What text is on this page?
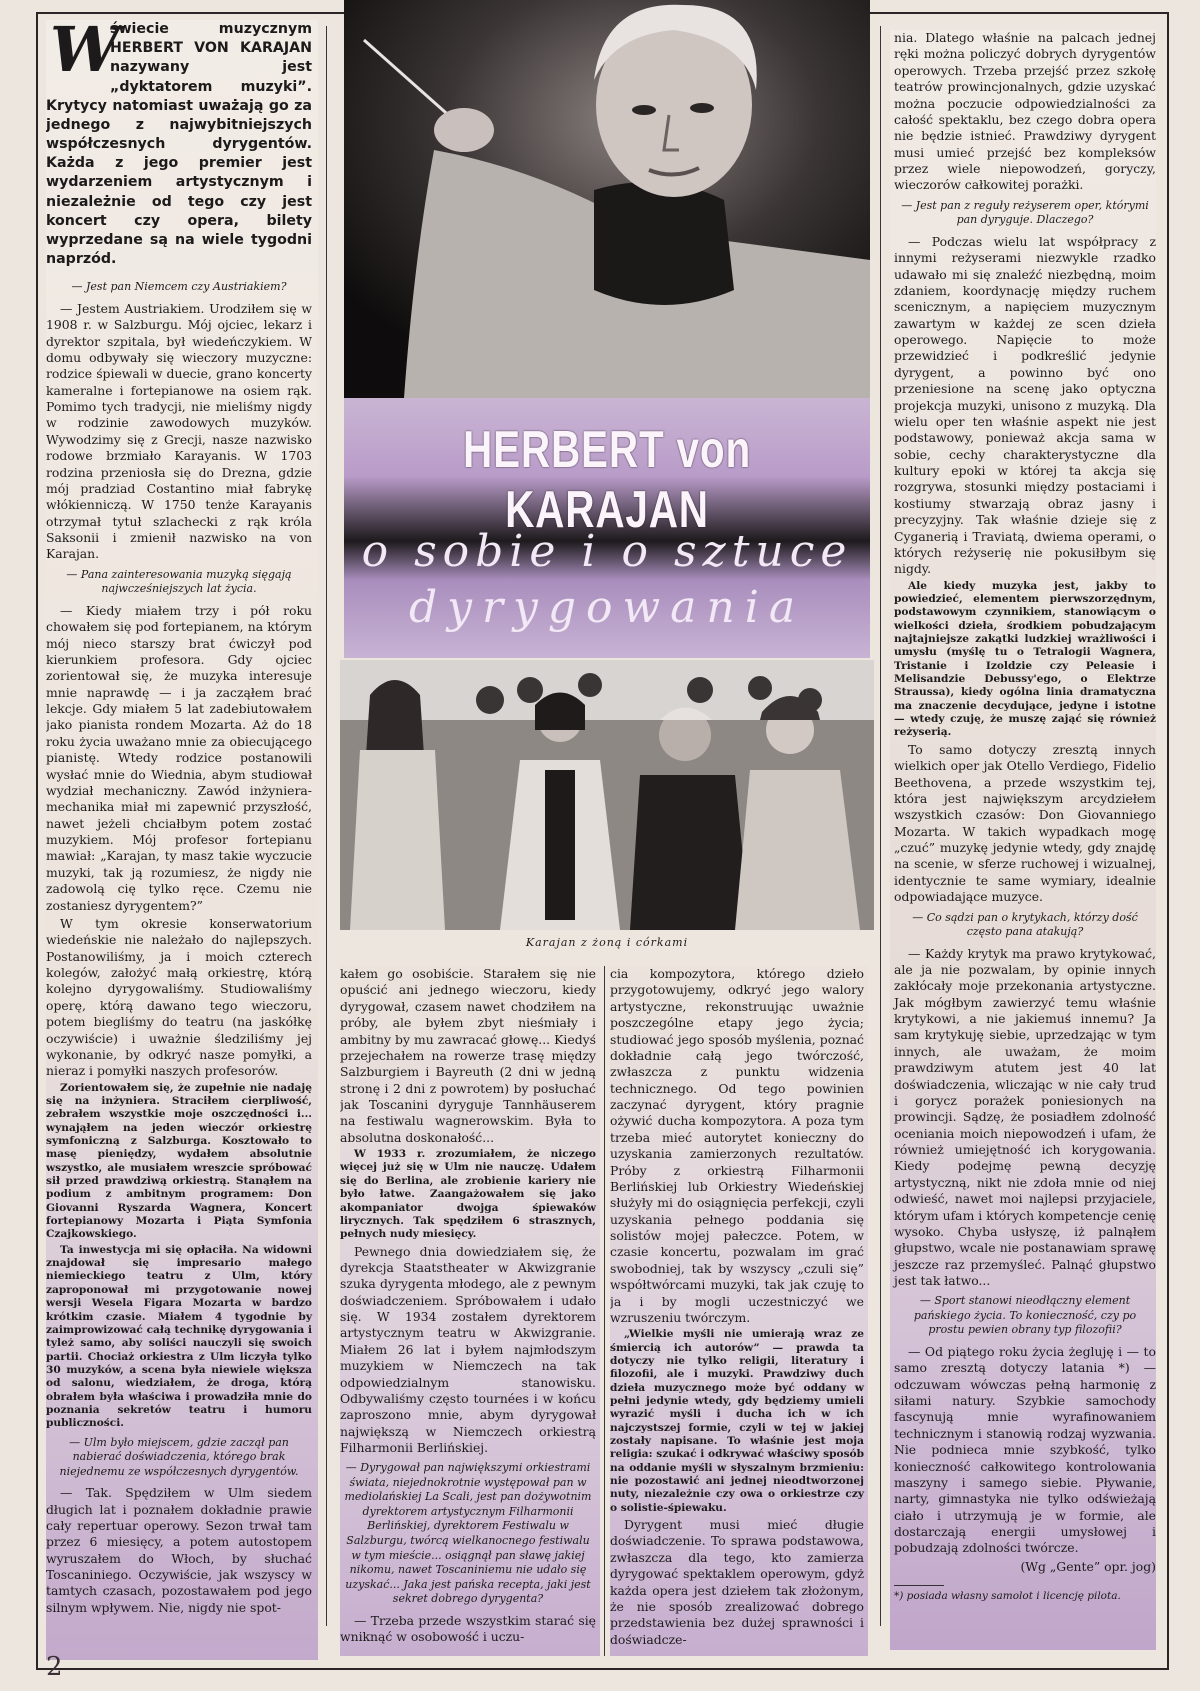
W
świecie muzycznym HERBERT VON KARAJAN nazywany jest „dyktatorem muzyki”. Krytycy natomiast uważają go za jednego z najwybitniejszych współczesnych dyrygentów. Każda z jego premier jest wydarzeniem artystycznym i niezależnie od tego czy jest koncert czy opera, bilety wyprzedane są na wiele tygodni naprzód.

— Jest pan Niemcem czy Austriakiem?

— Jestem Austriakiem. Urodziłem się w 1908 r. w Salzburgu. Mój ojciec, lekarz i dyrektor szpitala, był wiedeńczykiem. W domu odbywały się wieczory muzyczne: rodzice śpiewali w duecie, grano koncerty kameralne i fortepianowe na osiem rąk. Pomimo tych tradycji, nie mieliśmy nigdy w rodzinie zawodowych muzyków. Wywodzimy się z Grecji, nasze nazwisko rodowe brzmiało Karayanis. W 1703 rodzina przeniosła się do Drezna, gdzie mój pradziad Costantino miał fabrykę włókienniczą. W 1750 tenże Karayanis otrzymał tytuł szlachecki z rąk króla Saksonii i zmienił nazwisko na von Karajan.

— Pana zainteresowania muzyką sięgają najwcześniejszych lat życia.

— Kiedy miałem trzy i pół roku chowałem się pod fortepianem, na którym mój nieco starszy brat ćwiczył pod kierunkiem profesora. Gdy ojciec zorientował się, że muzyka interesuje mnie naprawdę — i ja zacząłem brać lekcje. Gdy miałem 5 lat zadebiutowałem jako pianista rondem Mozarta. Aż do 18 roku życia uważano mnie za obiecującego pianistę. Wtedy rodzice postanowili wysłać mnie do Wiednia, abym studiował wydział mechaniczny. Zawód inżyniera-mechanika miał mi zapewnić przyszłość, nawet jeżeli chciałbym potem zostać muzykiem. Mój profesor fortepianu mawiał: „Karajan, ty masz takie wyczucie muzyki, tak ją rozumiesz, że nigdy nie zadowolą cię tylko ręce. Czemu nie zostaniesz dyrygentem?”

W tym okresie konserwatorium wiedeńskie nie należało do najlepszych. Postanowiliśmy, ja i moich czterech kolegów, założyć małą orkiestrę, którą kolejno dyrygowaliśmy. Studiowaliśmy operę, którą dawano tego wieczoru, potem biegliśmy do teatru (na jaskółkę oczywiście) i uważnie śledziliśmy jej wykonanie, by odkryć nasze pomyłki, a nieraz i pomyłki naszych profesorów.

Zorientowałem się, że zupełnie nie nadaję się na inżyniera. Straciłem cierpliwość, zebrałem wszystkie moje oszczędności i... wynająłem na jeden wieczór orkiestrę symfoniczną z Salzburga. Kosztowało to masę pieniędzy, wydałem absolutnie wszystko, ale musiałem wreszcie spróbować sił przed prawdziwą orkiestrą. Stanąłem na podium z ambitnym programem: Don Giovanni Ryszarda Wagnera, Koncert fortepianowy Mozarta i Piąta Symfonia Czajkowskiego.

Ta inwestycja mi się opłaciła. Na widowni znajdował się impresario małego niemieckiego teatru z Ulm, który zaproponował mi przygotowanie nowej wersji Wesela Figara Mozarta w bardzo krótkim czasie. Miałem 4 tygodnie by zaimprowizować całą technikę dyrygowania i tyleż samo, aby soliści nauczyli się swoich partii. Chociaż orkiestra z Ulm liczyła tylko 30 muzyków, a scena była niewiele większa od salonu, wiedziałem, że droga, którą obrałem była właściwa i prowadziła mnie do poznania sekretów teatru i humoru publiczności.

— Ulm było miejscem, gdzie zaczął pan nabierać doświadczenia, którego brak niejednemu ze współczesnych dyrygentów.

— Tak. Spędziłem w Ulm siedem długich lat i poznałem dokładnie prawie cały repertuar operowy. Sezon trwał tam przez 6 miesięcy, a potem autostopem wyruszałem do Włoch, by słuchać Toscaniniego. Oczywiście, jak wszyscy w tamtych czasach, pozostawałem pod jego silnym wpływem. Nie, nigdy nie spot-

HERBERT von KARAJAN
o sobie i o sztuce
dyrygowania
Karajan z żoną i córkami

kałem go osobiście. Starałem się nie opuścić ani jednego wieczoru, kiedy dyrygował, czasem nawet chodziłem na próby, ale byłem zbyt nieśmiały i ambitny by mu zawracać głowę... Kiedyś przejechałem na rowerze trasę między Salzburgiem i Bayreuth (2 dni w jedną stronę i 2 dni z powrotem) by posłuchać jak Toscanini dyryguje Tannhäuserem na festiwalu wagnerowskim. Była to absolutna doskonałość...

W 1933 r. zrozumiałem, że niczego więcej już się w Ulm nie nauczę. Udałem się do Berlina, ale zrobienie kariery nie było łatwe. Zaangażowałem się jako akompaniator dwojga śpiewaków lirycznych. Tak spędziłem 6 strasznych, pełnych nudy miesięcy.

Pewnego dnia dowiedziałem się, że dyrekcja Staatstheater w Akwizgranie szuka dyrygenta młodego, ale z pewnym doświadczeniem. Spróbowałem i udało się. W 1934 zostałem dyrektorem artystycznym teatru w Akwizgranie. Miałem 26 lat i byłem najmłodszym muzykiem w Niemczech na tak odpowiedzialnym stanowisku. Odbywaliśmy często tournées i w końcu zaproszono mnie, abym dyrygował największą w Niemczech orkiestrą Filharmonii Berlińskiej.

— Dyrygował pan największymi orkiestrami świata, niejednokrotnie występował pan w mediolańskiej La Scali, jest pan dożywotnim dyrektorem artystycznym Filharmonii Berlińskiej, dyrektorem Festiwalu w Salzburgu, twórcą wielkanocnego festiwalu w tym mieście... osiągnął pan sławę jakiej nikomu, nawet Toscaniniemu nie udało się uzyskać... Jaka jest pańska recepta, jaki jest sekret dobrego dyrygenta?

— Trzeba przede wszystkim starać się wniknąć w osobowość i uczu-

cia kompozytora, którego dzieło przygotowujemy, odkryć jego walory artystyczne, rekonstruując uważnie poszczególne etapy jego życia; studiować jego sposób myślenia, poznać dokładnie całą jego twórczość, zwłaszcza z punktu widzenia technicznego. Od tego powinien zaczynać dyrygent, który pragnie ożywić ducha kompozytora. A poza tym trzeba mieć autorytet konieczny do uzyskania zamierzonych rezultatów. Próby z orkiestrą Filharmonii Berlińskiej lub Orkiestry Wiedeńskiej służyły mi do osiągnięcia perfekcji, czyli uzyskania pełnego poddania się solistów mojej pałeczce. Potem, w czasie koncertu, pozwalam im grać swobodniej, tak by wszyscy „czuli się” współtwórcami muzyki, tak jak czuję to ja i by mogli uczestniczyć we wzruszeniu twórczym.

„Wielkie myśli nie umierają wraz ze śmiercią ich autorów” — prawda ta dotyczy nie tylko religii, literatury i filozofii, ale i muzyki. Prawdziwy duch dzieła muzycznego może być oddany w pełni jedynie wtedy, gdy będziemy umieli wyrazić myśli i ducha ich w ich najczystszej formie, czyli w tej w jakiej zostały napisane. To właśnie jest moja religia: szukać i odkrywać właściwy sposób na oddanie myśli w słyszalnym brzmieniu: nie pozostawić ani jednej nieodtworzonej nuty, niezależnie czy owa o orkiestrze czy o solistie-śpiewaku.

Dyrygent musi mieć długie doświadczenie. To sprawa podstawowa, zwłaszcza dla tego, kto zamierza dyrygować spektaklem operowym, gdyż każda opera jest dziełem tak złożonym, że nie sposób zrealizować dobrego przedstawienia bez dużej sprawności i doświadcze-

nia. Dlatego właśnie na palcach jednej ręki można policzyć dobrych dyrygentów operowych. Trzeba przejść przez szkołę teatrów prowincjonalnych, gdzie uzyskać można poczucie odpowiedzialności za całość spektaklu, bez czego dobra opera nie będzie istnieć. Prawdziwy dyrygent musi umieć przejść bez kompleksów przez wiele niepowodzeń, goryczy, wieczorów całkowitej porażki.

— Jest pan z reguły reżyserem oper, którymi pan dyryguje. Dlaczego?

— Podczas wielu lat współpracy z innymi reżyserami niezwykle rzadko udawało mi się znaleźć niezbędną, moim zdaniem, koordynację między ruchem scenicznym, a napięciem muzycznym zawartym w każdej ze scen dzieła operowego. Napięcie to może przewidzieć i podkreślić jedynie dyrygent, a powinno być ono przeniesione na scenę jako optyczna projekcja muzyki, unisono z muzyką. Dla wielu oper ten właśnie aspekt nie jest podstawowy, ponieważ akcja sama w sobie, cechy charakterystyczne dla kultury epoki w której ta akcja się rozgrywa, stosunki między postaciami i kostiumy stwarzają obraz jasny i precyzyjny. Tak właśnie dzieje się z Cyganerią i Traviatą, dwiema operami, o których reżyserię nie pokusiłbym się nigdy.

Ale kiedy muzyka jest, jakby to powiedzieć, elementem pierwszorzędnym, podstawowym czynnikiem, stanowiącym o wielkości dzieła, środkiem pobudzającym najtajniejsze zakątki ludzkiej wrażliwości i umysłu (myślę tu o Tetralogii Wagnera, Tristanie i Izoldzie czy Peleasie i Melisandzie Debussy'ego, o Elektrze Straussa), kiedy ogólna linia dramatyczna ma znaczenie decydujące, jedyne i istotne — wtedy czuję, że muszę zająć się również reżyserią.

To samo dotyczy zresztą innych wielkich oper jak Otello Verdiego, Fidelio Beethovena, a przede wszystkim tej, która jest największym arcydziełem wszystkich czasów: Don Giovanniego Mozarta. W takich wypadkach mogę „czuć” muzykę jedynie wtedy, gdy znajdę na scenie, w sferze ruchowej i wizualnej, identycznie te same wymiary, idealnie odpowiadające muzyce.

— Co sądzi pan o krytykach, którzy dość często pana atakują?

— Każdy krytyk ma prawo krytykować, ale ja nie pozwalam, by opinie innych zakłócały moje przekonania artystyczne. Jak mógłbym zawierzyć temu właśnie krytykowi, a nie jakiemuś innemu? Ja sam krytykuję siebie, uprzedzając w tym innych, ale uważam, że moim prawdziwym atutem jest 40 lat doświadczenia, wliczając w nie cały trud i gorycz porażek poniesionych na prowincji. Sądzę, że posiadłem zdolność oceniania moich niepowodzeń i ufam, że również umiejętność ich korygowania. Kiedy podejmę pewną decyzję artystyczną, nikt nie zdoła mnie od niej odwieść, nawet moi najlepsi przyjaciele, którym ufam i których kompetencje cenię wysoko. Chyba usłyszę, iż palnąłem głupstwo, wcale nie postanawiam sprawę jeszcze raz przemyśleć. Palnąć głupstwo jest tak łatwo...

— Sport stanowi nieodłączny element pańskiego życia. To konieczność, czy po prostu pewien obrany typ filozofii?

— Od piątego roku życia żegluję i — to samo zresztą dotyczy latania *) — odczuwam wówczas pełną harmonię z siłami natury. Szybkie samochody fascynują mnie wyrafinowaniem technicznym i stanowią rodzaj wyzwania. Nie podnieca mnie szybkość, tylko konieczność całkowitego kontrolowania maszyny i samego siebie. Pływanie, narty, gimnastyka nie tylko odświeżają ciało i utrzymują je w formie, ale dostarczają energii umysłowej i pobudzają zdolności twórcze.

(Wg „Gente” opr. jog)

*) posiada własny samolot i licencję pilota.

2
